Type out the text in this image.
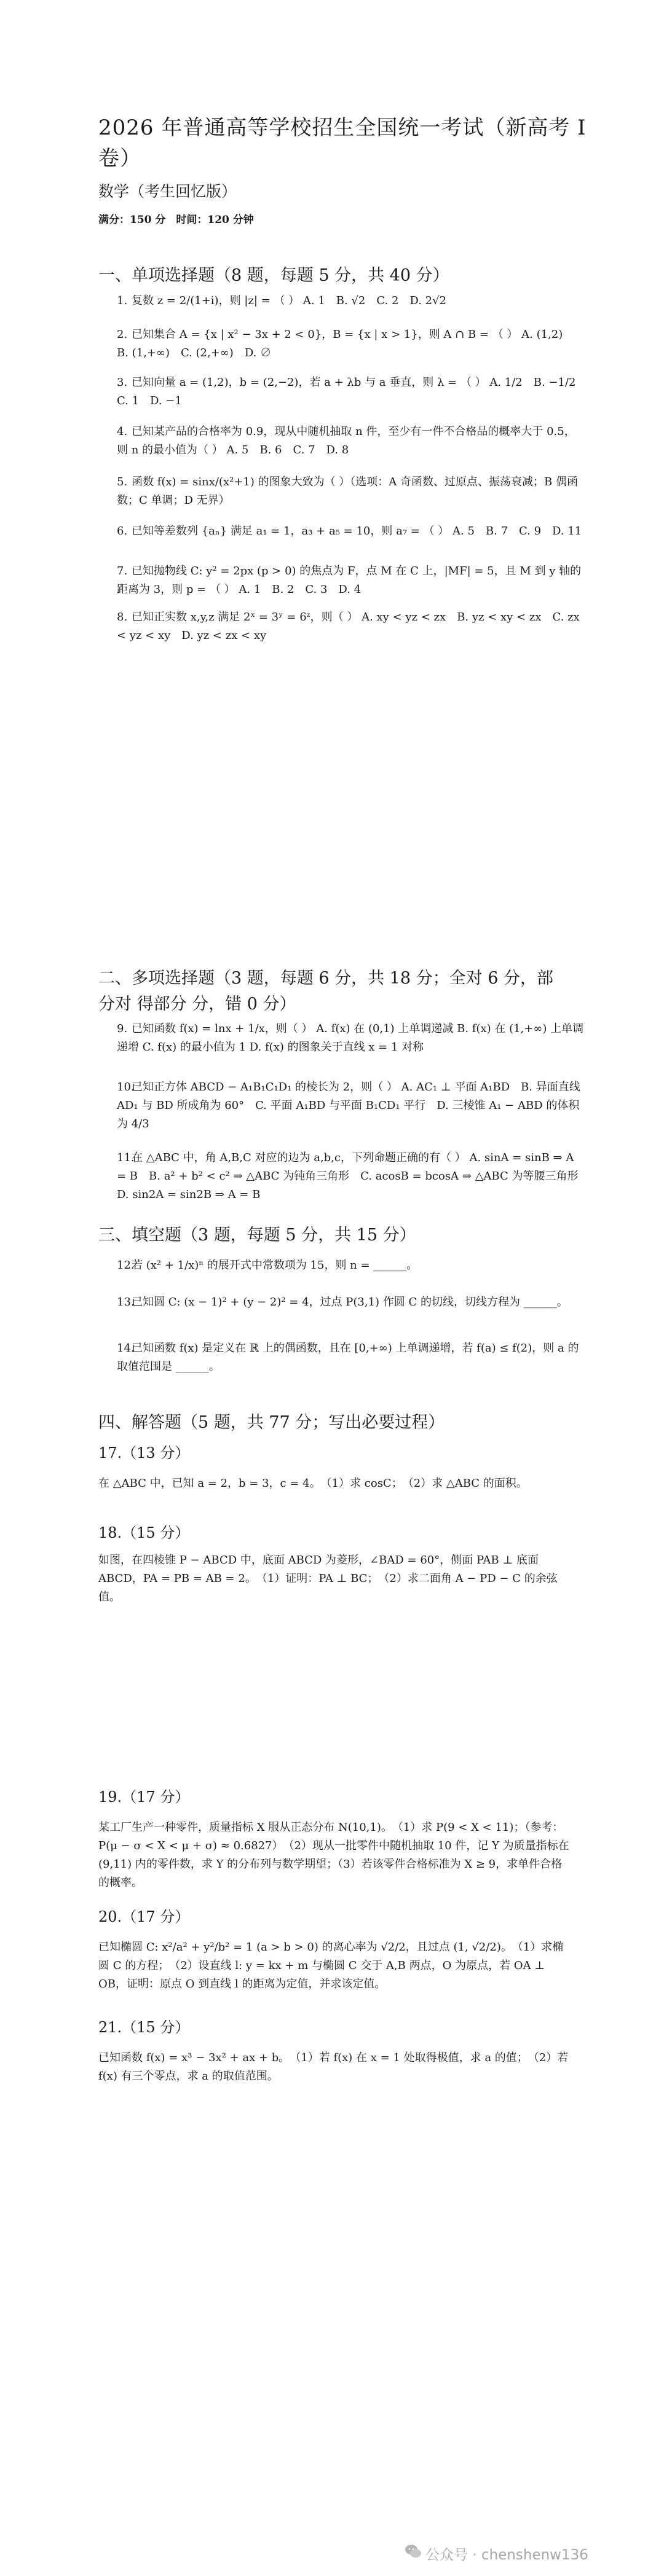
2026 年普通高等学校招生全国统一考试（新高考 Ⅰ 卷）
数学（考生回忆版）
满分：150 分　时间：120 分钟
一、单项选择题（8 题，每题 5 分，共 40 分）
1. 复数 z = 2/(1+i)，则 |z| = （ ） A. 1　B. √2　C. 2　D. 2√2
2. 已知集合 A = {x | x² − 3x + 2 < 0}，B = {x | x > 1}，则 A ∩ B = （ ） A. (1,2)　B. (1,+∞)　C. (2,+∞)　D. ∅
3. 已知向量 a = (1,2)，b = (2,−2)，若 a + λb 与 a 垂直，则 λ = （ ） A. 1/2　B. −1/2　C. 1　D. −1
4. 已知某产品的合格率为 0.9，现从中随机抽取 n 件，至少有一件不合格品的概率大于 0.5，则 n 的最小值为（ ） A. 5　B. 6　C. 7　D. 8
5. 函数 f(x) = sinx/(x²+1) 的图象大致为（ ）（选项：A 奇函数、过原点、振荡衰减；B 偶函数；C 单调；D 无界）
6. 已知等差数列 {aₙ} 满足 a₁ = 1，a₃ + a₅ = 10，则 a₇ = （ ） A. 5　B. 7　C. 9　D. 11
7. 已知抛物线 C: y² = 2px (p > 0) 的焦点为 F，点 M 在 C 上，|MF| = 5，且 M 到 y 轴的距离为 3，则 p = （ ） A. 1　B. 2　C. 3　D. 4
8. 已知正实数 x,y,z 满足 2ˣ = 3ʸ = 6ᶻ，则（ ） A. xy < yz < zx　B. yz < xy < zx　C. zx < yz < xy　D. yz < zx < xy
二、多项选择题（3 题，每题 6 分，共 18 分；全对 6 分，部分对 得部分 分，错 0 分）
9. 已知函数 f(x) = lnx + 1/x，则（ ） A. f(x) 在 (0,1) 上单调递减 B. f(x) 在 (1,+∞) 上单调递增 C. f(x) 的最小值为 1 D. f(x) 的图象关于直线 x = 1 对称
10.已知正方体 ABCD − A₁B₁C₁D₁ 的棱长为 2，则（ ） A. AC₁ ⊥ 平面 A₁BD　B. 异面直线 AD₁ 与 BD 所成角为 60°　C. 平面 A₁BD 与平面 B₁CD₁ 平行　D. 三棱锥 A₁ − ABD 的体积为 4/3
11.在 △ABC 中，角 A,B,C 对应的边为 a,b,c，下列命题正确的有（ ） A. sinA = sinB ⇒ A = B　B. a² + b² < c² ⇒ △ABC 为钝角三角形　C. acosB = bcosA ⇒ △ABC 为等腰三角形　D. sin2A = sin2B ⇒ A = B
三、填空题（3 题，每题 5 分，共 15 分）
12.若 (x² + 1/x)ⁿ 的展开式中常数项为 15，则 n = ______。
13.已知圆 C: (x − 1)² + (y − 2)² = 4，过点 P(3,1) 作圆 C 的切线，切线方程为 ______。
14.已知函数 f(x) 是定义在 ℝ 上的偶函数，且在 [0,+∞) 上单调递增，若 f(a) ≤ f(2)，则 a 的取值范围是 ______。
四、解答题（5 题，共 77 分；写出必要过程）
17.（13 分）
在 △ABC 中，已知 a = 2，b = 3，c = 4。　（1）求 cosC；　（2）求 △ABC 的面积。
18.（15 分）
如图，在四棱锥 P − ABCD 中，底面 ABCD 为菱形，∠BAD = 60°，侧面 PAB ⊥ 底面 ABCD，PA = PB = AB = 2。　（1）证明：PA ⊥ BC；　（2）求二面角 A − PD − C 的余弦值。
19.（17 分）
某工厂生产一种零件，质量指标 X 服从正态分布 N(10,1)。　（1）求 P(9 < X < 11)；（参考：P(μ − σ < X < μ + σ) ≈ 0.6827）　（2）现从一批零件中随机抽取 10 件，记 Y 为质量指标在 (9,11) 内的零件数，求 Y 的分布列与数学期望；（3）若该零件合格标准为 X ≥ 9，求单件合格的概率。
20.（17 分）
已知椭圆 C: x²/a² + y²/b² = 1 (a > b > 0) 的离心率为 √2/2，且过点 (1, √2/2)。　（1）求椭圆 C 的方程；　（2）设直线 l: y = kx + m 与椭圆 C 交于 A,B 两点，O 为原点，若 OA ⊥ OB，证明：原点 O 到直线 l 的距离为定值，并求该定值。
21.（15 分）
已知函数 f(x) = x³ − 3x² + ax + b。　（1）若 f(x) 在 x = 1 处取得极值，求 a 的值；　（2）若 f(x) 有三个零点，求 a 的取值范围。
公众号 · chenshenw136
